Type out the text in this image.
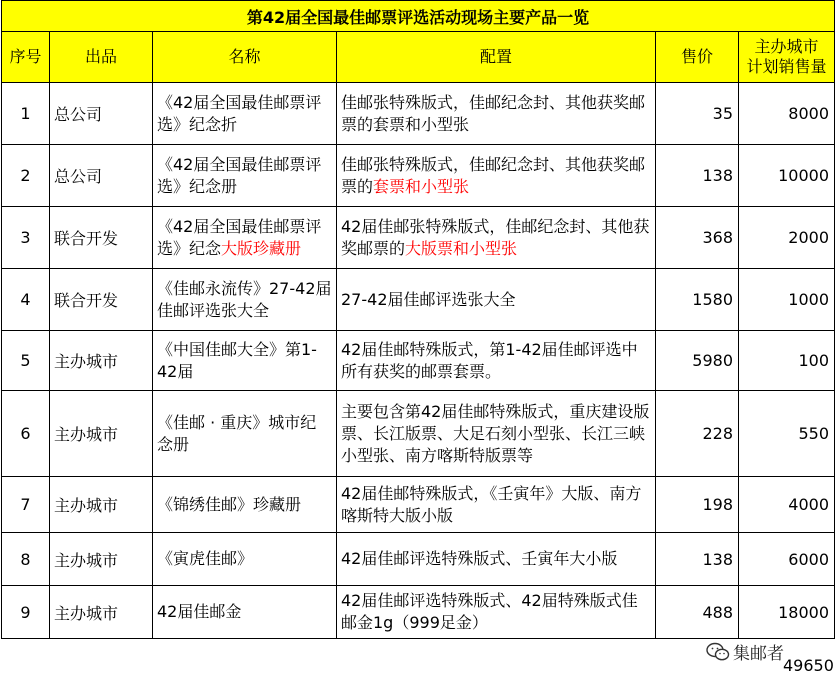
第42届全国最佳邮票评选活动现场主要产品一览					
序号	出品	名称	配置	售价	主办城市
计划销售量

1	总公司	《42届全国最佳邮票评选》纪念折	佳邮张特殊版式，佳邮纪念封、其他获奖邮票的套票和小型张	35	8000
2	总公司	《42届全国最佳邮票评选》纪念册	佳邮张特殊版式，佳邮纪念封、其他获奖邮票的套票和小型张	138	10000
3	联合开发	《42届全国最佳邮票评选》纪念大版珍藏册	42届佳邮张特殊版式，佳邮纪念封、其他获奖邮票的大版票和小型张	368	2000
4	联合开发	《佳邮永流传》27-42届佳邮评选张大全	27-42届佳邮评选张大全	1580	1000
5	主办城市	《中国佳邮大全》第1-42届	42届佳邮特殊版式，第1-42届佳邮评选中所有获奖的邮票套票。	5980	100
6	主办城市	《佳邮 · 重庆》城市纪念册	主要包含第42届佳邮特殊版式，重庆建设版票、长江版票、大足石刻小型张、长江三峡小型张、南方喀斯特版票等	228	550
7	主办城市	《锦绣佳邮》珍藏册	42届佳邮特殊版式，《壬寅年》大版、南方喀斯特大版小版	198	4000
8	主办城市	《寅虎佳邮》	42届佳邮评选特殊版式、壬寅年大小版	138	6000
9	主办城市	42届佳邮金	42届佳邮评选特殊版式、42届特殊版式佳邮金1g（999足金）	488	18000
集邮者
49650
